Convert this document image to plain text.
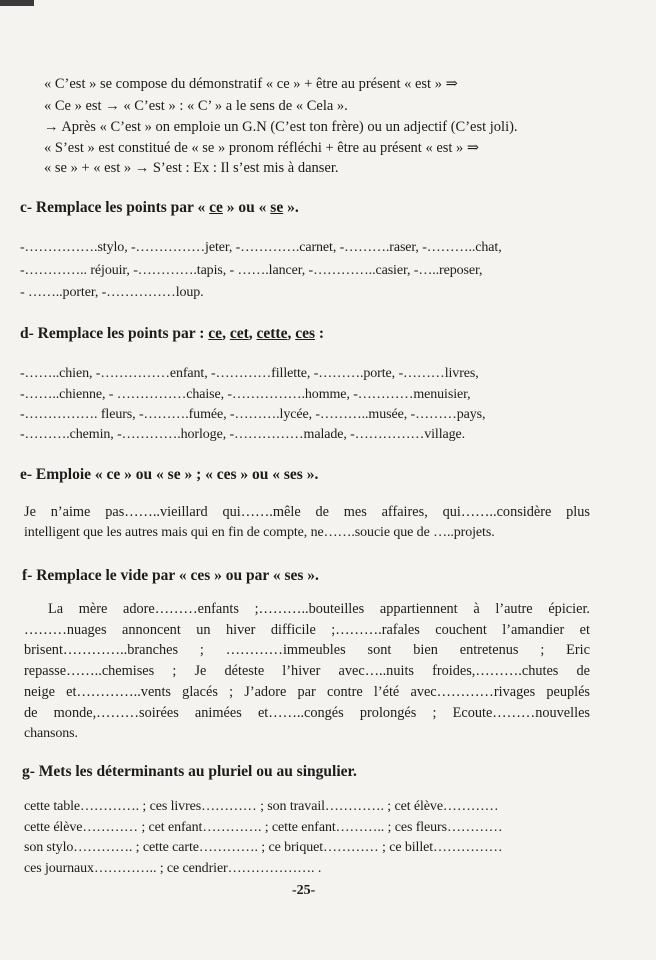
« C’est » se compose du démonstratif « ce » + être au présent « est » ⇒
« Ce » est → « C’est » : « C’ » a le sens de « Cela ».
→ Après « C’est » on emploie un G.N (C’est ton frère) ou un adjectif (C’est joli).
« S’est » est constitué de « se » pronom réfléchi + être au présent « est » ⇒
« se » + « est » → S’est : Ex : Il s’est mis à danser.
c- Remplace les points par « ce » ou « se ».
-…………….stylo, -……………jeter, -………….carnet, -……….raser, -………..chat,
-………….. réjouir, -………….tapis, - …….lancer, -…………..casier, -…..reposer,
- ……..porter, -……………loup.
d- Remplace les points par : ce, cet, cette, ces :
-……..chien, -……………enfant, -…………fillette, -……….porte, -………livres,
-……..chienne, - ……………chaise, -…………….homme, -…………menuisier,
-……………. fleurs, -……….fumée, -……….lycée, -………..musée, -………pays,
-……….chemin, -………….horloge, -……………malade, -……………village.
e- Emploie « ce » ou « se » ; « ces » ou « ses ».
Je n’aime pas……..vieillard qui…….mêle de mes affaires, qui……..considère plus
intelligent que les autres mais qui en fin de compte, ne…….soucie que de …..projets.
f- Remplace le vide par « ces » ou par « ses ».
La mère adore………enfants ;………..bouteilles appartiennent à l’autre épicier.
………nuages annoncent un hiver difficile ;……….rafales couchent l’amandier et
brisent…………..branches ; …………immeubles sont bien entretenus ; Eric
repasse……..chemises ; Je déteste l’hiver avec…..nuits froides,……….chutes de
neige et…………..vents glacés ; J’adore par contre l’été avec…………rivages peuplés
de monde,………soirées animées et……..congés prolongés ; Ecoute………nouvelles
chansons.
g- Mets les déterminants au pluriel ou au singulier.
cette table…………. ; ces livres………… ; son travail…………. ; cet élève…………
cette élève………… ; cet enfant…………. ; cette enfant……….. ; ces fleurs…………
son stylo…………. ; cette carte…………. ; ce briquet………… ; ce billet……………
ces journaux………….. ; ce cendrier………………. .
-25-
